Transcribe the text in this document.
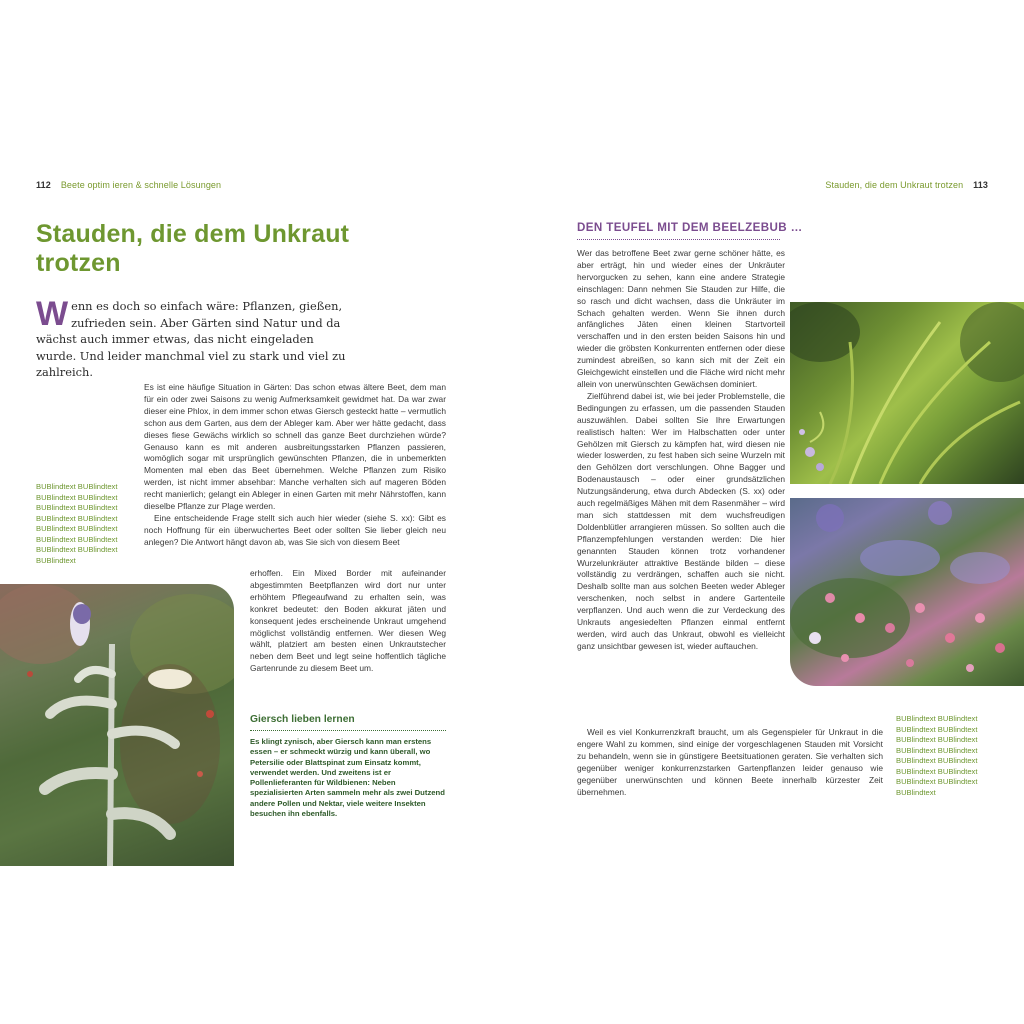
112 Beete optim ieren & schnelle Lösungen	Stauden, die dem Unkraut trotzen 113
Stauden, die dem Unkraut trotzen
Wenn es doch so einfach wäre: Pflanzen, gießen, zufrieden sein. Aber Gärten sind Natur und da wächst auch immer etwas, das nicht eingeladen wurde. Und leider manchmal viel zu stark und viel zu zahlreich.

Es ist eine häufige Situation in Gärten: Das schon etwas ältere Beet, dem man für ein oder zwei Saisons zu wenig Aufmerksamkeit gewidmet hat. Da war zwar dieser eine Phlox, in dem immer schon etwas Giersch gesteckt hatte – vermutlich schon aus dem Garten, aus dem der Ableger kam. Aber wer hätte gedacht, dass dieses fiese Gewächs wirklich so schnell das ganze Beet durchziehen würde? Genauso kann es mit anderen ausbreitungsstarken Pflanzen passieren, womöglich sogar mit ursprünglich gewünschten Pflanzen, die in unbemerkten Momenten mal eben das Beet übernehmen. Welche Pflanzen zum Risiko werden, ist nicht immer absehbar: Manche verhalten sich auf mageren Böden recht manierlich; gelangt ein Ableger in einen Garten mit mehr Nährstoffen, kann dieselbe Pflanze zur Plage werden.

Eine entscheidende Frage stellt sich auch hier wieder (siehe S. xx): Gibt es noch Hoffnung für ein überwuchertes Beet oder sollten Sie lieber gleich neu anlegen? Die Antwort hängt davon ab, was Sie sich von diesem Beet

erhoffen. Ein Mixed Border mit aufeinander abgestimmten Beetpflanzen wird dort nur unter erhöhtem Pflegeaufwand zu erhalten sein, was konkret bedeutet: den Boden akkurat jäten und konsequent jedes erscheinende Unkraut umgehend möglichst vollständig entfernen. Wer diesen Weg wählt, platziert am besten einen Unkrautstecher neben dem Beet und legt seine hoffentlich tägliche Gartenrunde zu diesem Beet um.

BUBlindtext BUBlindtext
BUBlindtext BUBlindtext
BUBlindtext BUBlindtext
BUBlindtext BUBlindtext
BUBlindtext BUBlindtext
BUBlindtext BUBlindtext
BUBlindtext BUBlindtext
BUBlindtext
Giersch lieben lernen
Es klingt zynisch, aber Giersch kann man erstens essen – er schmeckt würzig und kann überall, wo Petersilie oder Blattspinat zum Einsatz kommt, verwendet werden. Und zweitens ist er Pollenlieferanten für Wildbienen: Neben spezialisierten Arten sammeln mehr als zwei Dutzend andere Pollen und Nektar, viele weitere Insekten besuchen ihn ebenfalls.
DEN TEUFEL MIT DEM BEELZEBUB …

Wer das betroffene Beet zwar gerne schöner hätte, es aber erträgt, hin und wieder eines der Unkräuter hervorgucken zu sehen, kann eine andere Strategie einschlagen: Dann nehmen Sie Stauden zur Hilfe, die so rasch und dicht wachsen, dass die Unkräuter im Schach gehalten werden. Wenn Sie ihnen durch anfängliches Jäten einen kleinen Startvorteil verschaffen und in den ersten beiden Saisons hin und wieder die gröbsten Konkurrenten entfernen oder diese zumindest abreißen, so kann sich mit der Zeit ein Gleichgewicht einstellen und die Fläche wird nicht mehr allein von unerwünschten Gewächsen dominiert.

Zielführend dabei ist, wie bei jeder Problemstelle, die Bedingungen zu erfassen, um die passenden Stauden auszuwählen. Dabei sollten Sie Ihre Erwartungen realistisch halten: Wer im Halbschatten oder unter Gehölzen mit Giersch zu kämpfen hat, wird diesen nie wieder loswerden, zu fest haben sich seine Wurzeln mit den Gehölzen dort verschlungen. Ohne Bagger und Bodenaustausch – oder einer grundsätzlichen Nutzungsänderung, etwa durch Abdecken (S. xx) oder auch regelmäßiges Mähen mit dem Rasenmäher – wird man sich stattdessen mit dem wuchsfreudigen Doldenblütler arrangieren müssen. So sollten auch die Pflanzempfehlungen verstanden werden: Die hier genannten Stauden können trotz vorhandener Wurzelunkräuter attraktive Bestände bilden – diese vollständig zu verdrängen, schaffen auch sie nicht. Deshalb sollte man aus solchen Beeten weder Ableger verschenken, noch selbst in andere Gartenteile verpflanzen. Und auch wenn die zur Verdeckung des Unkrauts angesiedelten Pflanzen einmal entfernt werden, wird auch das Unkraut, obwohl es vielleicht ganz unsichtbar gewesen ist, wieder auftauchen.

Weil es viel Konkurrenzkraft braucht, um als Gegenspieler für Unkraut in die engere Wahl zu kommen, sind einige der vorgeschlagenen Stauden mit Vorsicht zu behandeln, wenn sie in günstigere Beetsituationen geraten. Sie verhalten sich gegenüber weniger konkurrenzstarken Gartenpflanzen leider genauso wie gegenüber unerwünschten und können Beete innerhalb kürzester Zeit übernehmen.

BUBlindtext BUBlindtext
BUBlindtext BUBlindtext
BUBlindtext BUBlindtext
BUBlindtext BUBlindtext
BUBlindtext BUBlindtext
BUBlindtext BUBlindtext
BUBlindtext BUBlindtext
BUBlindtext
